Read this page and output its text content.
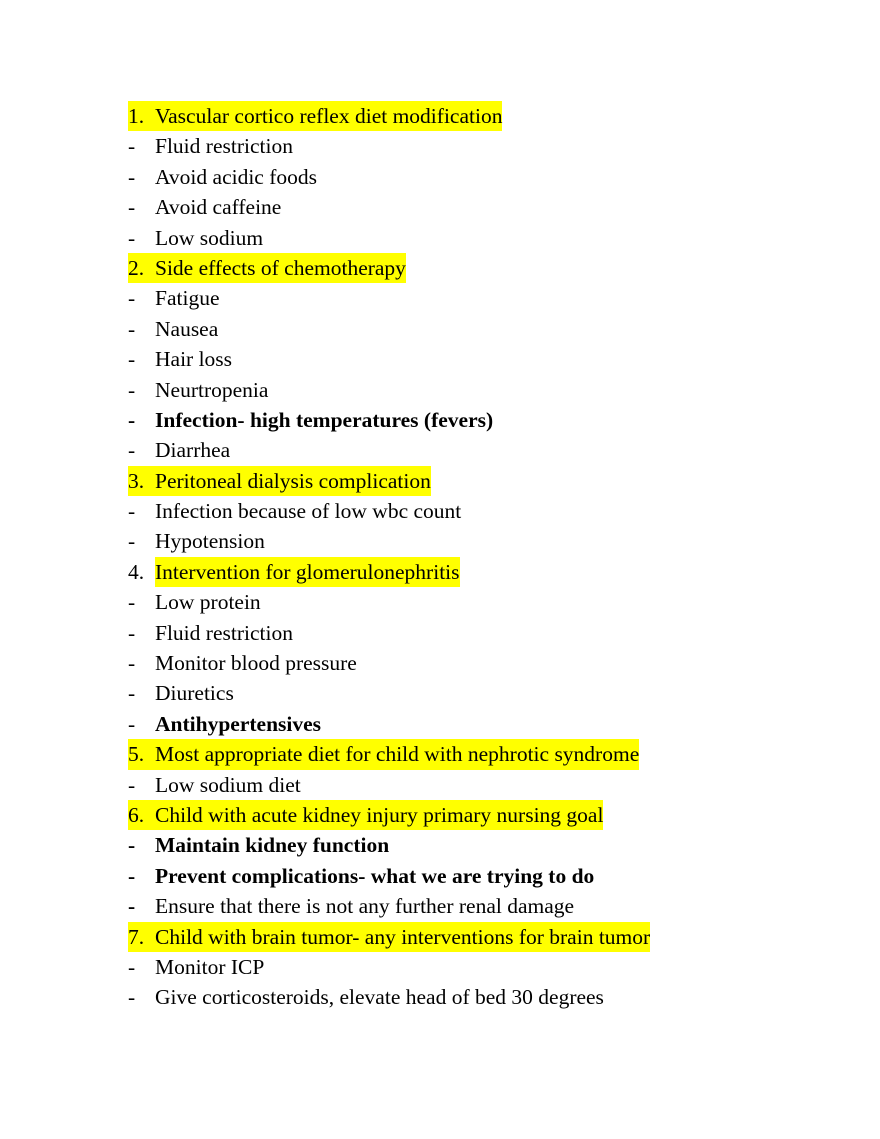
1. Vascular cortico reflex diet modification
- Fluid restriction
- Avoid acidic foods
- Avoid caffeine
- Low sodium
2. Side effects of chemotherapy
- Fatigue
- Nausea
- Hair loss
- Neurtropenia
- Infection- high temperatures (fevers)
- Diarrhea
3. Peritoneal dialysis complication
- Infection because of low wbc count
- Hypotension
4. Intervention for glomerulonephritis
- Low protein
- Fluid restriction
- Monitor blood pressure
- Diuretics
- Antihypertensives
5. Most appropriate diet for child with nephrotic syndrome
- Low sodium diet
6. Child with acute kidney injury primary nursing goal
- Maintain kidney function
- Prevent complications- what we are trying to do
- Ensure that there is not any further renal damage
7. Child with brain tumor- any interventions for brain tumor
- Monitor ICP
- Give corticosteroids, elevate head of bed 30 degrees
